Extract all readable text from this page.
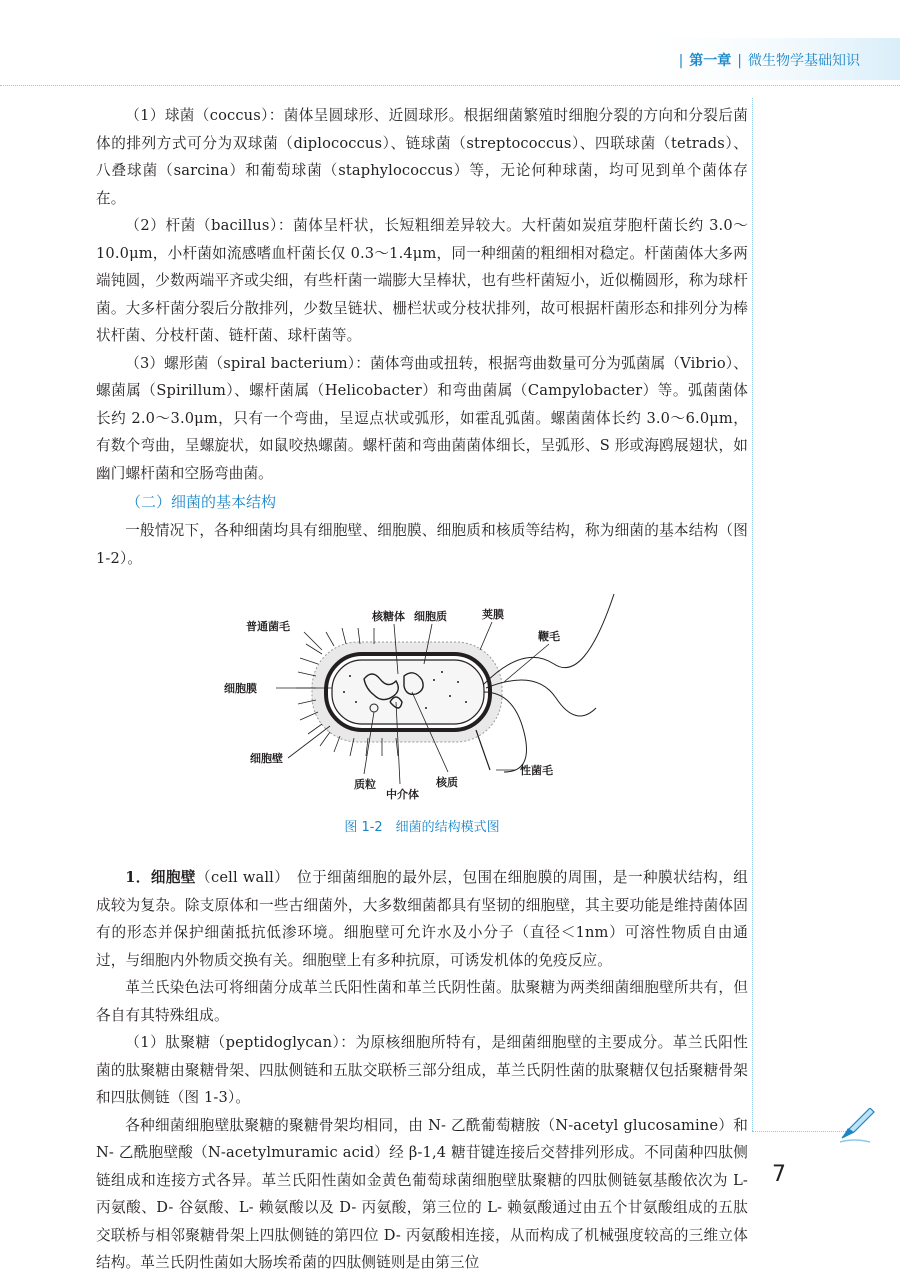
| 第一章 | 微生物学基础知识

（1）球菌（coccus）：菌体呈圆球形、近圆球形。根据细菌繁殖时细胞分裂的方向和分裂后菌体的排列方式可分为双球菌（diplococcus）、链球菌（streptococcus）、四联球菌（tetrads）、八叠球菌（sarcina）和葡萄球菌（staphylococcus）等，无论何种球菌，均可见到单个菌体存在。

（2）杆菌（bacillus）：菌体呈杆状，长短粗细差异较大。大杆菌如炭疽芽胞杆菌长约 3.0～10.0μm，小杆菌如流感嗜血杆菌长仅 0.3～1.4μm，同一种细菌的粗细相对稳定。杆菌菌体大多两端钝圆，少数两端平齐或尖细，有些杆菌一端膨大呈棒状，也有些杆菌短小，近似椭圆形，称为球杆菌。大多杆菌分裂后分散排列，少数呈链状、栅栏状或分枝状排列，故可根据杆菌形态和排列分为棒状杆菌、分枝杆菌、链杆菌、球杆菌等。

（3）螺形菌（spiral bacterium）：菌体弯曲或扭转，根据弯曲数量可分为弧菌属（Vibrio）、螺菌属（Spirillum）、螺杆菌属（Helicobacter）和弯曲菌属（Campylobacter）等。弧菌菌体长约 2.0～3.0μm，只有一个弯曲，呈逗点状或弧形，如霍乱弧菌。螺菌菌体长约 3.0～6.0μm，有数个弯曲，呈螺旋状，如鼠咬热螺菌。螺杆菌和弯曲菌菌体细长，呈弧形、S 形或海鸥展翅状，如幽门螺杆菌和空肠弯曲菌。

（二）细菌的基本结构

一般情况下，各种细菌均具有细胞壁、细胞膜、细胞质和核质等结构，称为细菌的基本结构（图 1-2）。

核糖体 细胞质	荚膜
普通菌毛
鞭毛
细胞膜
细胞壁
质粒
中介体
核质
性菌毛
图 1-2　细菌的结构模式图

1．细胞壁（cell wall）　位于细菌细胞的最外层，包围在细胞膜的周围，是一种膜状结构，组成较为复杂。除支原体和一些古细菌外，大多数细菌都具有坚韧的细胞壁，其主要功能是维持菌体固有的形态并保护细菌抵抗低渗环境。细胞壁可允许水及小分子（直径＜1nm）可溶性物质自由通过，与细胞内外物质交换有关。细胞壁上有多种抗原，可诱发机体的免疫反应。

革兰氏染色法可将细菌分成革兰氏阳性菌和革兰氏阴性菌。肽聚糖为两类细菌细胞壁所共有，但各自有其特殊组成。

（1）肽聚糖（peptidoglycan）：为原核细胞所特有，是细菌细胞壁的主要成分。革兰氏阳性菌的肽聚糖由聚糖骨架、四肽侧链和五肽交联桥三部分组成，革兰氏阴性菌的肽聚糖仅包括聚糖骨架和四肽侧链（图 1-3）。

各种细菌细胞壁肽聚糖的聚糖骨架均相同，由 N- 乙酰葡萄糖胺（N-acetyl glucosamine）和 N- 乙酰胞壁酸（N-acetylmuramic acid）经 β-1,4 糖苷键连接后交替排列形成。不同菌种四肽侧链组成和连接方式各异。革兰氏阳性菌如金黄色葡萄球菌细胞壁肽聚糖的四肽侧链氨基酸依次为 L- 丙氨酸、D- 谷氨酸、L- 赖氨酸以及 D- 丙氨酸，第三位的 L- 赖氨酸通过由五个甘氨酸组成的五肽交联桥与相邻聚糖骨架上四肽侧链的第四位 D- 丙氨酸相连接，从而构成了机械强度较高的三维立体结构。革兰氏阴性菌如大肠埃希菌的四肽侧链则是由第三位

7
